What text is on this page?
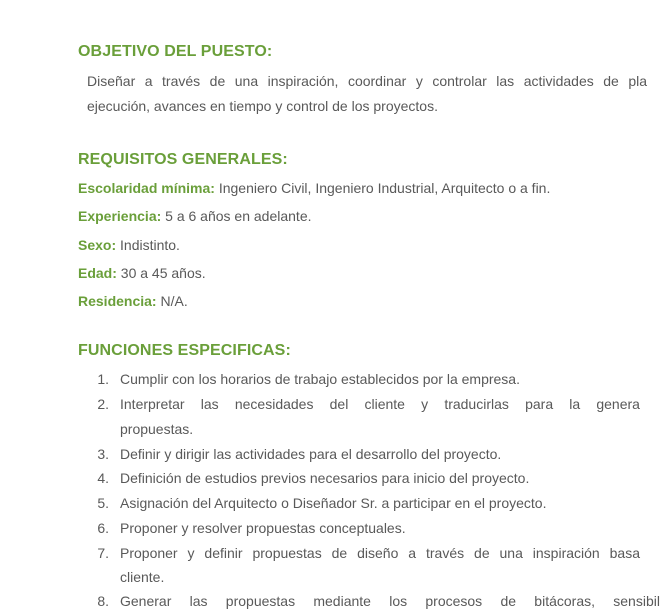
OBJETIVO DEL PUESTO:
Diseñar a través de una inspiración, coordinar y controlar las actividades de pla
ejecución, avances en tiempo y control de los proyectos.
REQUISITOS GENERALES:
Escolaridad mínima: Ingeniero Civil, Ingeniero Industrial, Arquitecto o a fin.
Experiencia: 5 a 6 años en adelante.
Sexo: Indistinto.
Edad: 30 a 45 años.
Residencia: N/A.
FUNCIONES ESPECIFICAS:
1. Cumplir con los horarios de trabajo establecidos por la empresa.
2. Interpretar las necesidades del cliente y traducirlas para la genera
propuestas.
3. Definir y dirigir las actividades para el desarrollo del proyecto.
4. Definición de estudios previos necesarios para inicio del proyecto.
5. Asignación del Arquitecto o Diseñador Sr. a participar en el proyecto.
6. Proponer y resolver propuestas conceptuales.
7. Proponer y definir propuestas de diseño a través de una inspiración basa
cliente.
8. Generar las propuestas mediante los procesos de bitácoras, sensibil
